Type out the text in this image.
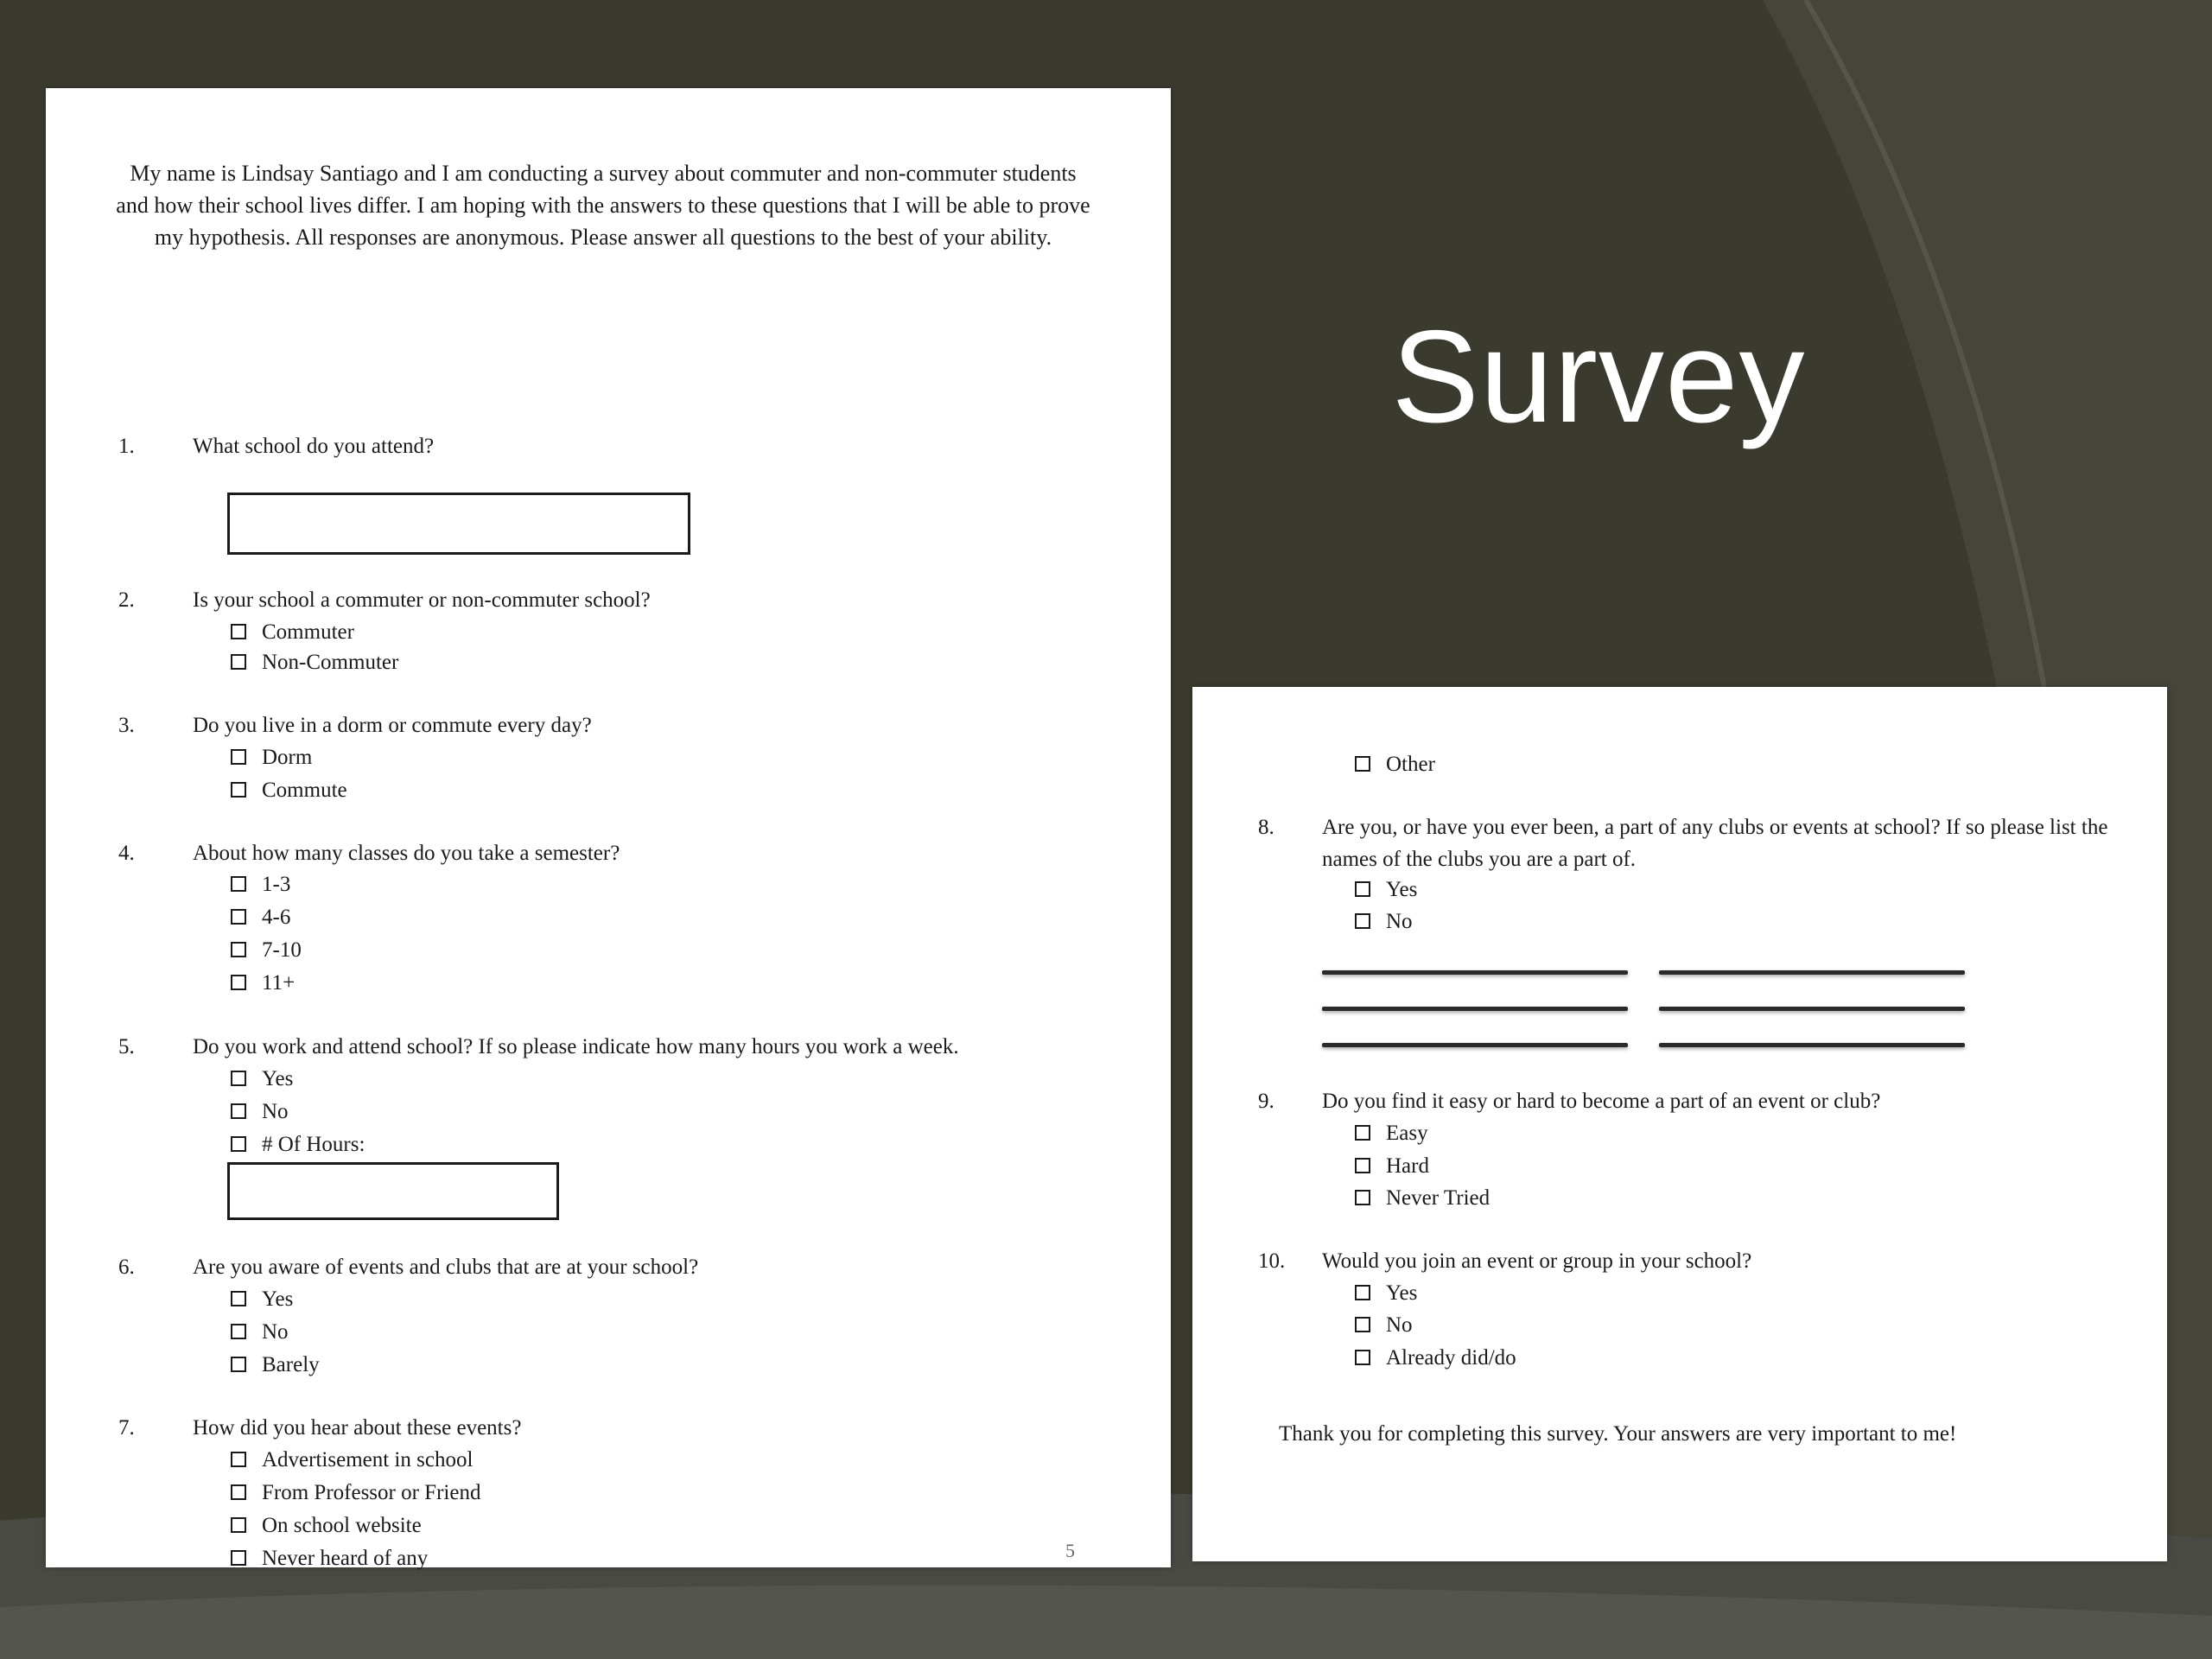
Survey
My name is Lindsay Santiago and I am conducting a survey about commuter and non-commuter students and how their school lives differ. I am hoping with the answers to these questions that I will be able to prove my hypothesis. All responses are anonymous. Please answer all questions to the best of your ability.
1.	What school do you attend?
2.	Is your school a commuter or non-commuter school?
Commuter
Non-Commuter
3.	Do you live in a dorm or commute every day?
Dorm
Commute
4.	About how many classes do you take a semester?
1-3
4-6
7-10
11+
5.	Do you work and attend school? If so please indicate how many hours you work a week.
Yes
No
# Of Hours:
6.	Are you aware of events and clubs that are at your school?
Yes
No
Barely
7.	How did you hear about these events?
Advertisement in school
From Professor or Friend
On school website
Never heard of any	5
Other
8. Are you, or have you ever been, a part of any clubs or events at school? If so please list the names of the clubs you are a part of.
Yes
No
9. Do you find it easy or hard to become a part of an event or club?
Easy
Hard
Never Tried
10. Would you join an event or group in your school?
Yes
No
Already did/do
Thank you for completing this survey. Your answers are very important to me!
